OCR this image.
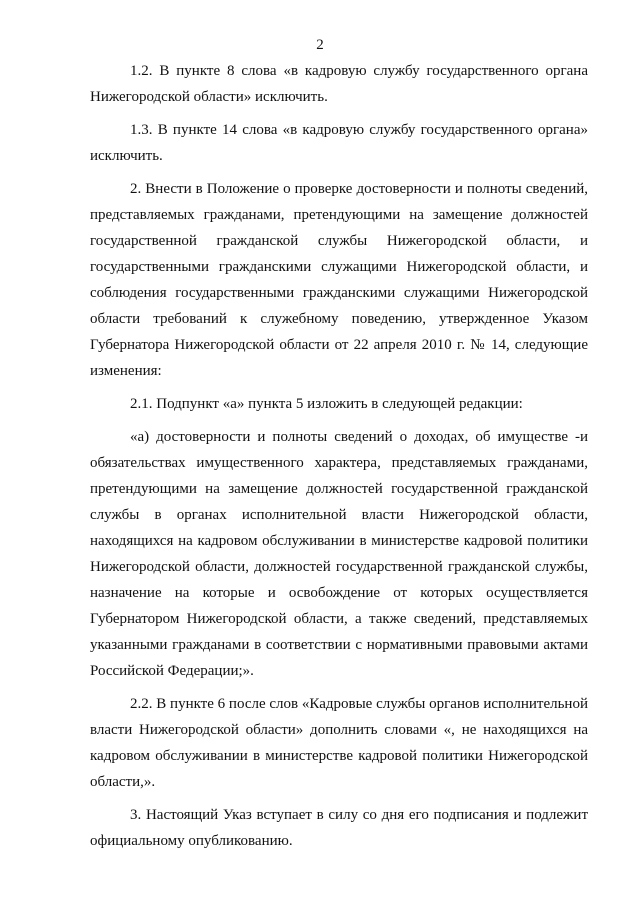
2

1.2. В пункте 8 слова «в кадровую службу государственного органа Нижегородской области» исключить.

1.3. В пункте 14 слова «в кадровую службу государственного органа» исключить.

2. Внести в Положение о проверке достоверности и полноты сведений, представляемых гражданами, претендующими на замещение должностей государственной гражданской службы Нижегородской области, и государственными гражданскими служащими Нижегородской области, и соблюдения государственными гражданскими служащими Нижегородской области требований к служебному поведению, утвержденное Указом Губернатора Нижегородской области от 22 апреля 2010 г. № 14, следующие изменения:

2.1. Подпункт «а» пункта 5 изложить в следующей редакции:

«а) достоверности и полноты сведений о доходах, об имуществе -и обязательствах имущественного характера, представляемых гражданами, претендующими на замещение должностей государственной гражданской службы в органах исполнительной власти Нижегородской области, находящихся на кадровом обслуживании в министерстве кадровой политики Нижегородской области, должностей государственной гражданской службы, назначение на которые и освобождение от которых осуществляется Губернатором Нижегородской области, а также сведений, представляемых указанными гражданами в соответствии с нормативными правовыми актами Российской Федерации;».

2.2. В пункте 6 после слов «Кадровые службы органов исполнительной власти Нижегородской области» дополнить словами «, не находящихся на кадровом обслуживании в министерстве кадровой политики Нижегородской области,».

3. Настоящий Указ вступает в силу со дня его подписания и подлежит официальному опубликованию.
